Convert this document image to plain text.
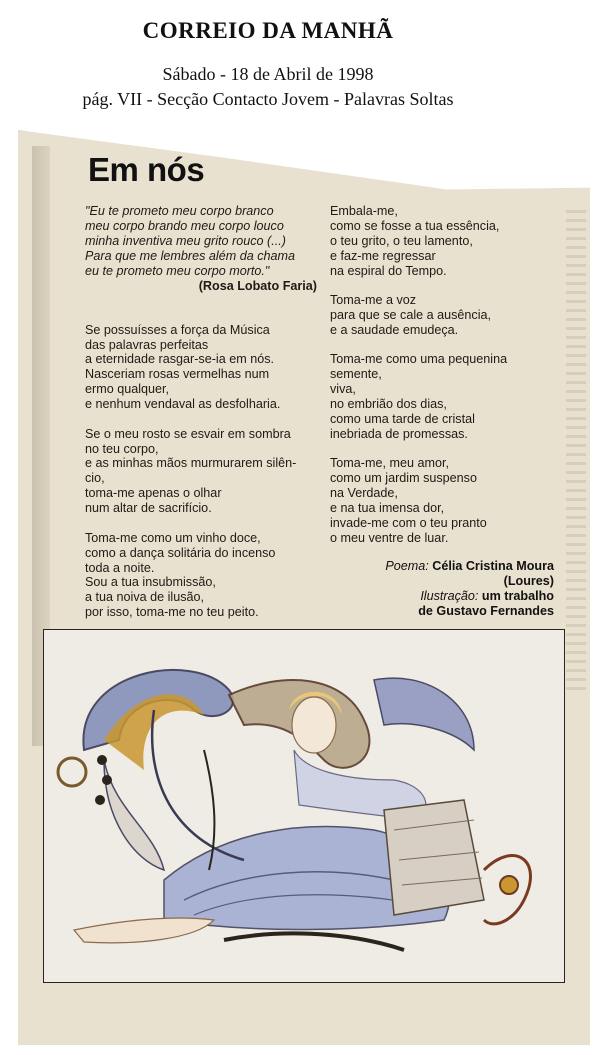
CORREIO DA MANHÃ
Sábado - 18 de Abril de 1998
pág. VII - Secção Contacto Jovem - Palavras Soltas
Em nós
"Eu te prometo meu corpo branco
meu corpo brando meu corpo louco
minha inventiva meu grito rouco (...)
Para que me lembres além da chama
eu te prometo meu corpo morto."
(Rosa Lobato Faria)
Se possuísses a força da Música
das palavras perfeitas
a eternidade rasgar-se-ia em nós.
Nasceriam rosas vermelhas num
ermo qualquer,
e nenhum vendaval as desfolharia.
Se o meu rosto se esvair em sombra
no teu corpo,
e as minhas mãos murmurarem silên-
cio,
toma-me apenas o olhar
num altar de sacrifício.
Toma-me como um vinho doce,
como a dança solitária do incenso
toda a noite.
Sou a tua insubmissão,
a tua noiva de ilusão,
por isso, toma-me no teu peito.
Embala-me,
como se fosse a tua essência,
o teu grito, o teu lamento,
e faz-me regressar
na espiral do Tempo.
Toma-me a voz
para que se cale a ausência,
e a saudade emudeça.
Toma-me como uma pequenina
semente,
viva,
no embrião dos dias,
como uma tarde de cristal
inebriada de promessas.
Toma-me, meu amor,
como um jardim suspenso
na Verdade,
e na tua imensa dor,
invade-me com o teu pranto
o meu ventre de luar.
Poema: Célia Cristina Moura
(Loures)
Ilustração: um trabalho
de Gustavo Fernandes
